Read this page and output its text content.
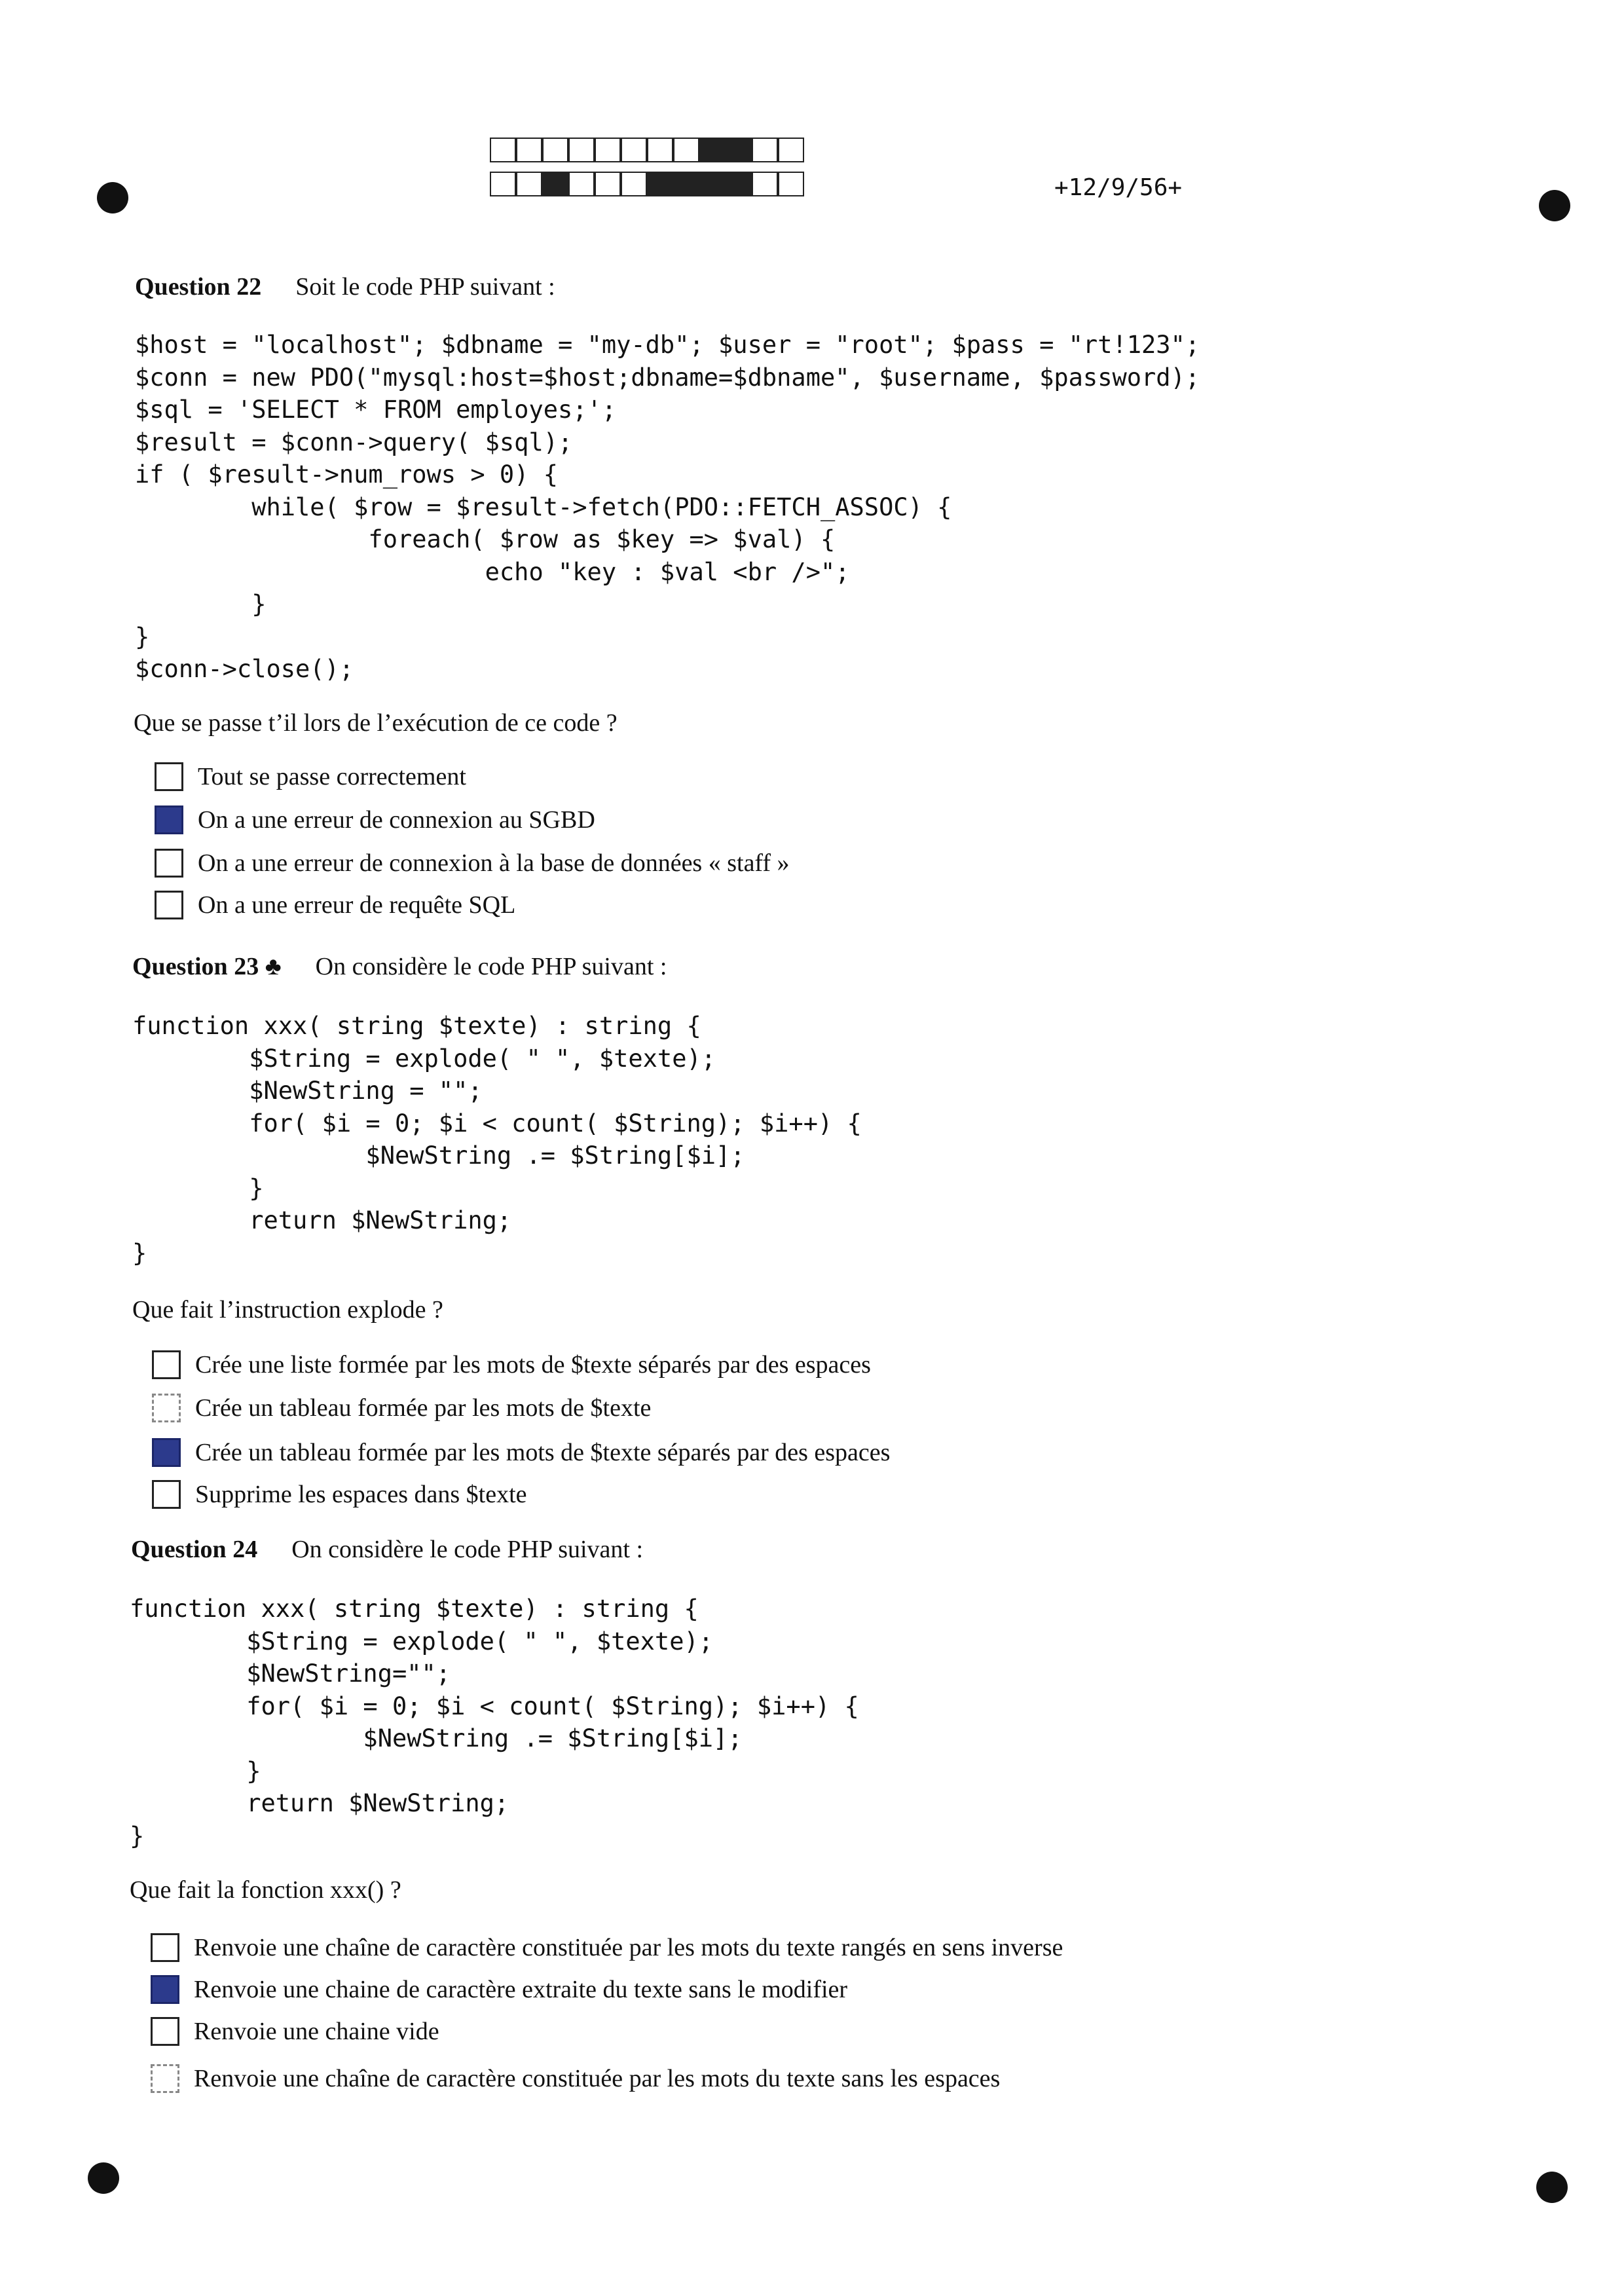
+12/9/56+
Question 22 Soit le code PHP suivant :
$host = "localhost"; $dbname = "my-db"; $user = "root"; $pass = "rt!123";
$conn = new PDO("mysql:host=$host;dbname=$dbname", $username, $password);
$sql = 'SELECT * FROM employes;';
$result = $conn->query( $sql);
if ( $result->num_rows > 0) {
while( $row = $result->fetch(PDO::FETCH_ASSOC) {
foreach( $row as $key => $val) {
echo "key : $val <br />";
}
}
$conn->close();
Que se passe t’il lors de l’exécution de ce code ?
Tout se passe correctement
On a une erreur de connexion au SGBD
On a une erreur de connexion à la base de données « staff »
On a une erreur de requête SQL
Question 23 ♣ On considère le code PHP suivant :
function xxx( string $texte) : string {
$String = explode( " ", $texte);
$NewString = "";
for( $i = 0; $i < count( $String); $i++) {
$NewString .= $String[$i];
}
return $NewString;
}
Que fait l’instruction explode ?
Crée une liste formée par les mots de $texte séparés par des espaces
Crée un tableau formée par les mots de $texte
Crée un tableau formée par les mots de $texte séparés par des espaces
Supprime les espaces dans $texte
Question 24 On considère le code PHP suivant :
function xxx( string $texte) : string {
$String = explode( " ", $texte);
$NewString="";
for( $i = 0; $i < count( $String); $i++) {
$NewString .= $String[$i];
}
return $NewString;
}
Que fait la fonction xxx() ?
Renvoie une chaîne de caractère constituée par les mots du texte rangés en sens inverse
Renvoie une chaine de caractère extraite du texte sans le modifier
Renvoie une chaine vide
Renvoie une chaîne de caractère constituée par les mots du texte sans les espaces
